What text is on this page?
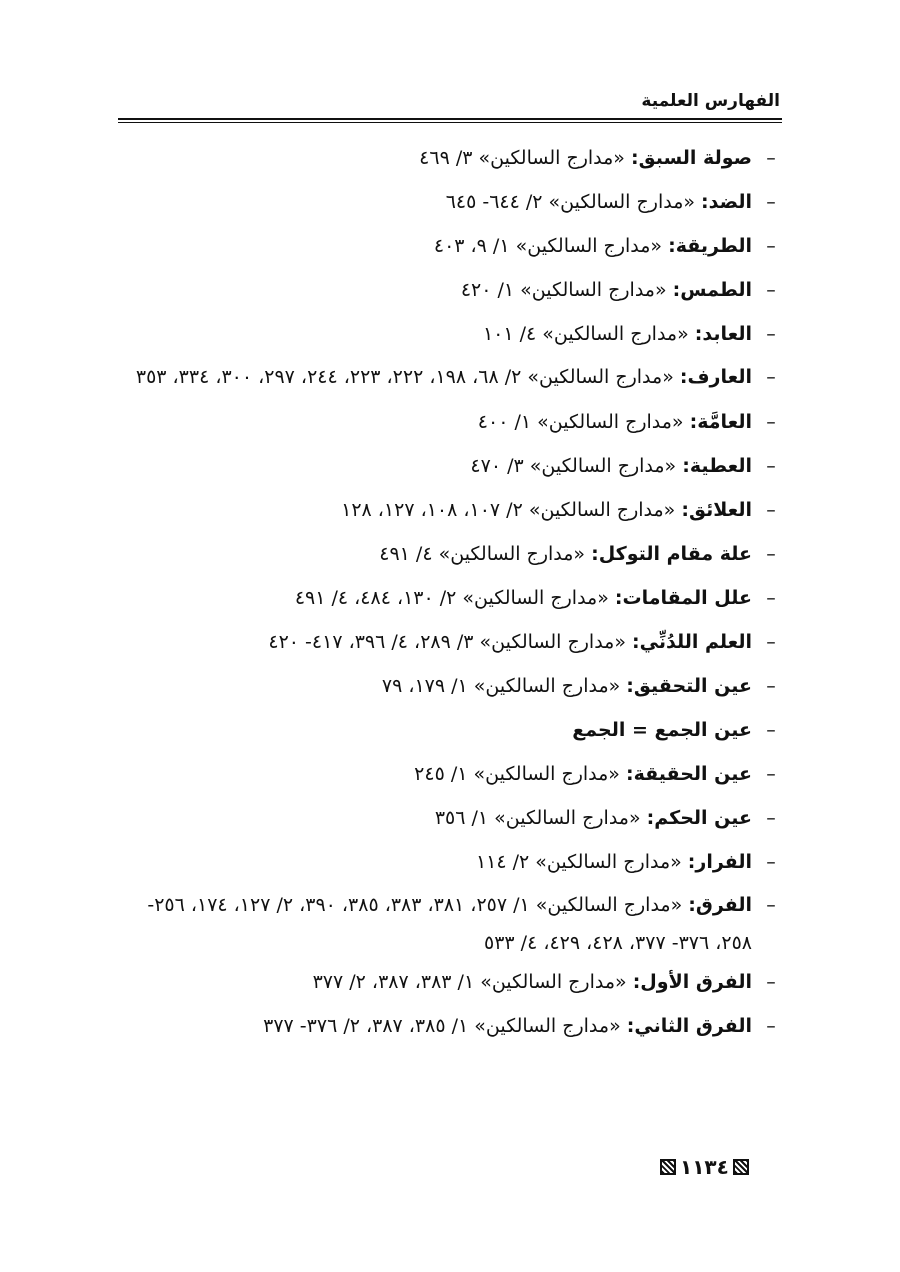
الفهارس العلمية
–
صولة السبق: «مدارج السالكين» ٣/ ٤٦٩
–
الضد: «مدارج السالكين» ٢/ ٦٤٤- ٦٤٥
–
الطريقة: «مدارج السالكين» ١/ ٩، ٤٠٣
–
الطمس: «مدارج السالكين» ١/ ٤٢٠
–
العابد: «مدارج السالكين» ٤/ ١٠١
–
العارف: «مدارج السالكين» ٢/ ٦٨، ١٩٨، ٢٢٢، ٢٢٣، ٢٤٤، ٢٩٧، ٣٠٠، ٣٣٤، ٣٥٣
–
العامَّة: «مدارج السالكين» ١/ ٤٠٠
–
العطية: «مدارج السالكين» ٣/ ٤٧٠
–
العلائق: «مدارج السالكين» ٢/ ١٠٧، ١٠٨، ١٢٧، ١٢٨
–
علة مقام التوكل: «مدارج السالكين» ٤/ ٤٩١
–
علل المقامات: «مدارج السالكين» ٢/ ١٣٠، ٤٨٤، ٤/ ٤٩١
–
العلم اللدُنِّي: «مدارج السالكين» ٣/ ٢٨٩، ٤/ ٣٩٦، ٤١٧- ٤٢٠
–
عين التحقيق: «مدارج السالكين» ١/ ١٧٩، ٧٩
–
عين الجمع = الجمع
–
عين الحقيقة: «مدارج السالكين» ١/ ٢٤٥
–
عين الحكم: «مدارج السالكين» ١/ ٣٥٦
–
الفرار: «مدارج السالكين» ٢/ ١١٤
–
الفرق: «مدارج السالكين» ١/ ٢٥٧، ٣٨١، ٣٨٣، ٣٨٥، ٣٩٠، ٢/ ١٢٧، ١٧٤، ٢٥٦- ٢٥٨، ٣٧٦- ٣٧٧، ٤٢٨، ٤٢٩، ٤/ ٥٣٣
–
الفرق الأول: «مدارج السالكين» ١/ ٣٨٣، ٣٨٧، ٢/ ٣٧٧
–
الفرق الثاني: «مدارج السالكين» ١/ ٣٨٥، ٣٨٧، ٢/ ٣٧٦- ٣٧٧
١١٣٤
